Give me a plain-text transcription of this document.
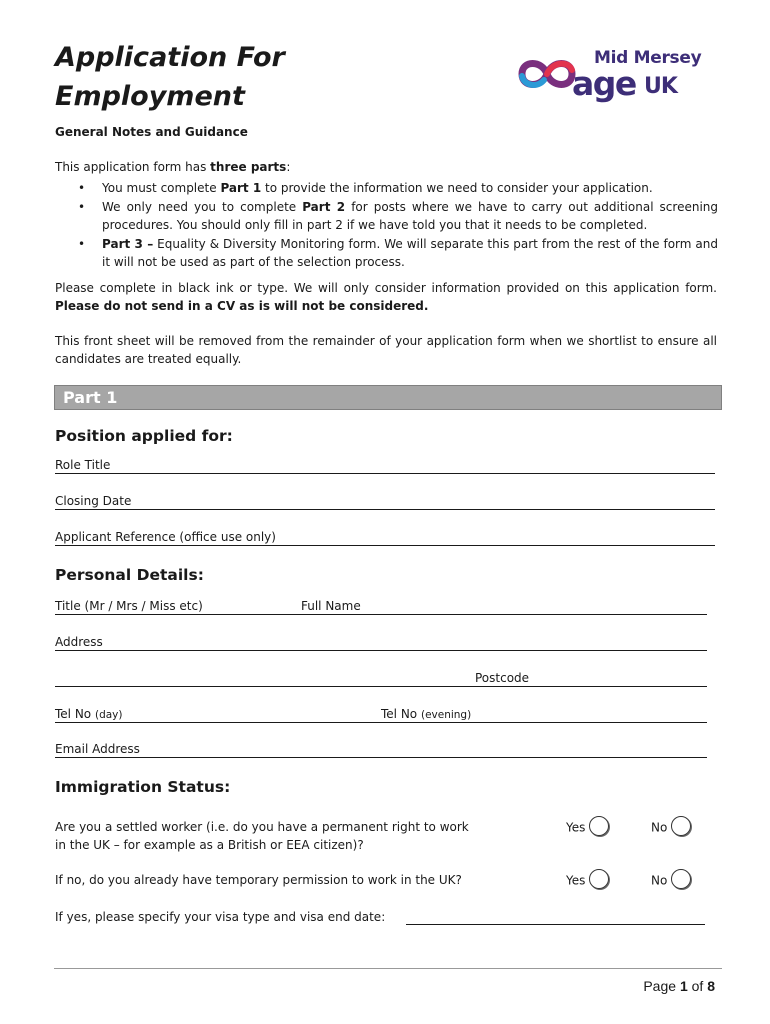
Application For
Employment
Mid Mersey
age UK
General Notes and Guidance
This application form has three parts:
• You must complete Part 1 to provide the information we need to consider your application.
• We only need you to complete Part 2 for posts where we have to carry out additional screening procedures. You should only fill in part 2 if we have told you that it needs to be completed.
• Part 3 – Equality & Diversity Monitoring form. We will separate this part from the rest of the form and it will not be used as part of the selection process.
Please complete in black ink or type. We will only consider information provided on this application form. Please do not send in a CV as is will not be considered.
This front sheet will be removed from the remainder of your application form when we shortlist to ensure all candidates are treated equally.
Part 1
Position applied for:
Role Title
Closing Date
Applicant Reference (office use only)
Personal Details:
Title (Mr / Mrs / Miss etc)	Full Name
Address
Postcode
Tel No (day)	Tel No (evening)
Email Address
Immigration Status:
Are you a settled worker (i.e. do you have a permanent right to work
in the UK – for example as a British or EEA citizen)?
Yes	No
If no, do you already have temporary permission to work in the UK?	Yes	No
If yes, please specify your visa type and visa end date:
Page 1 of 8
